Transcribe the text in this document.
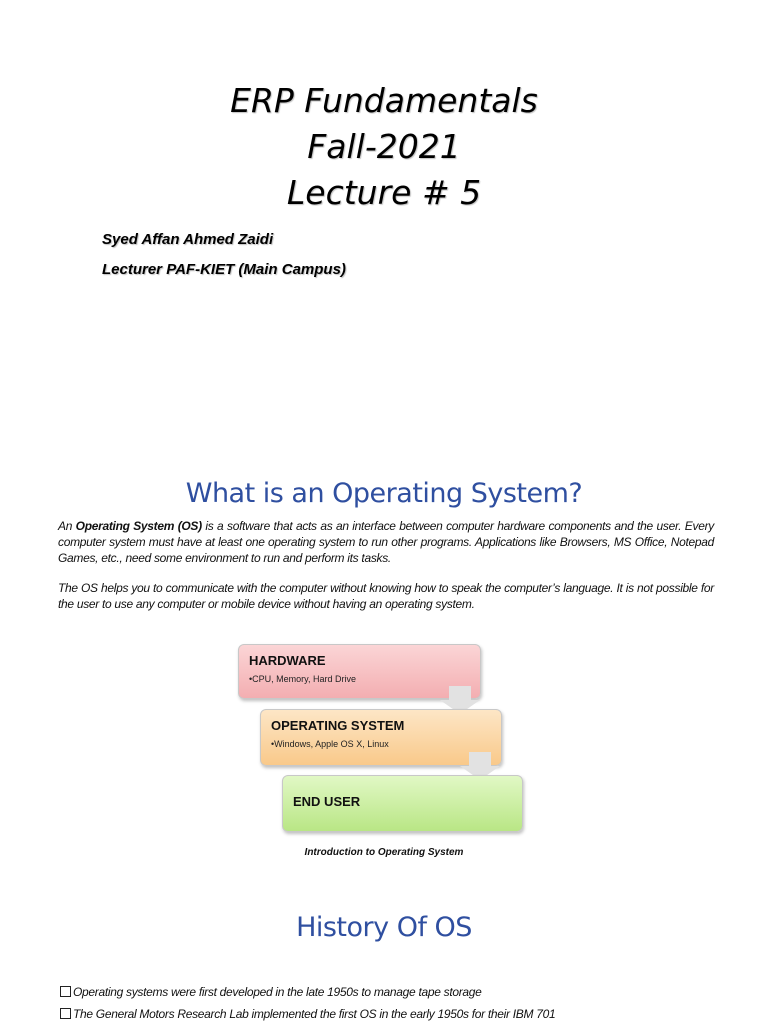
ERP Fundamentals
Fall-2021
Lecture # 5
Syed Affan Ahmed Zaidi
Lecturer PAF-KIET (Main Campus)
What is an Operating System?
An Operating System (OS) is a software that acts as an interface between computer hardware components and the user. Every computer system must have at least one operating system to run other programs. Applications like Browsers, MS Office, Notepad Games, etc., need some environment to run and perform its tasks.
The OS helps you to communicate with the computer without knowing how to speak the computer’s language. It is not possible for the user to use any computer or mobile device without having an operating system.
HARDWARE
•CPU, Memory, Hard Drive
OPERATING SYSTEM
•Windows, Apple OS X, Linux
END USER
Introduction to Operating System
History Of OS
Operating systems were first developed in the late 1950s to manage tape storage
The General Motors Research Lab implemented the first OS in the early 1950s for their IBM 701
